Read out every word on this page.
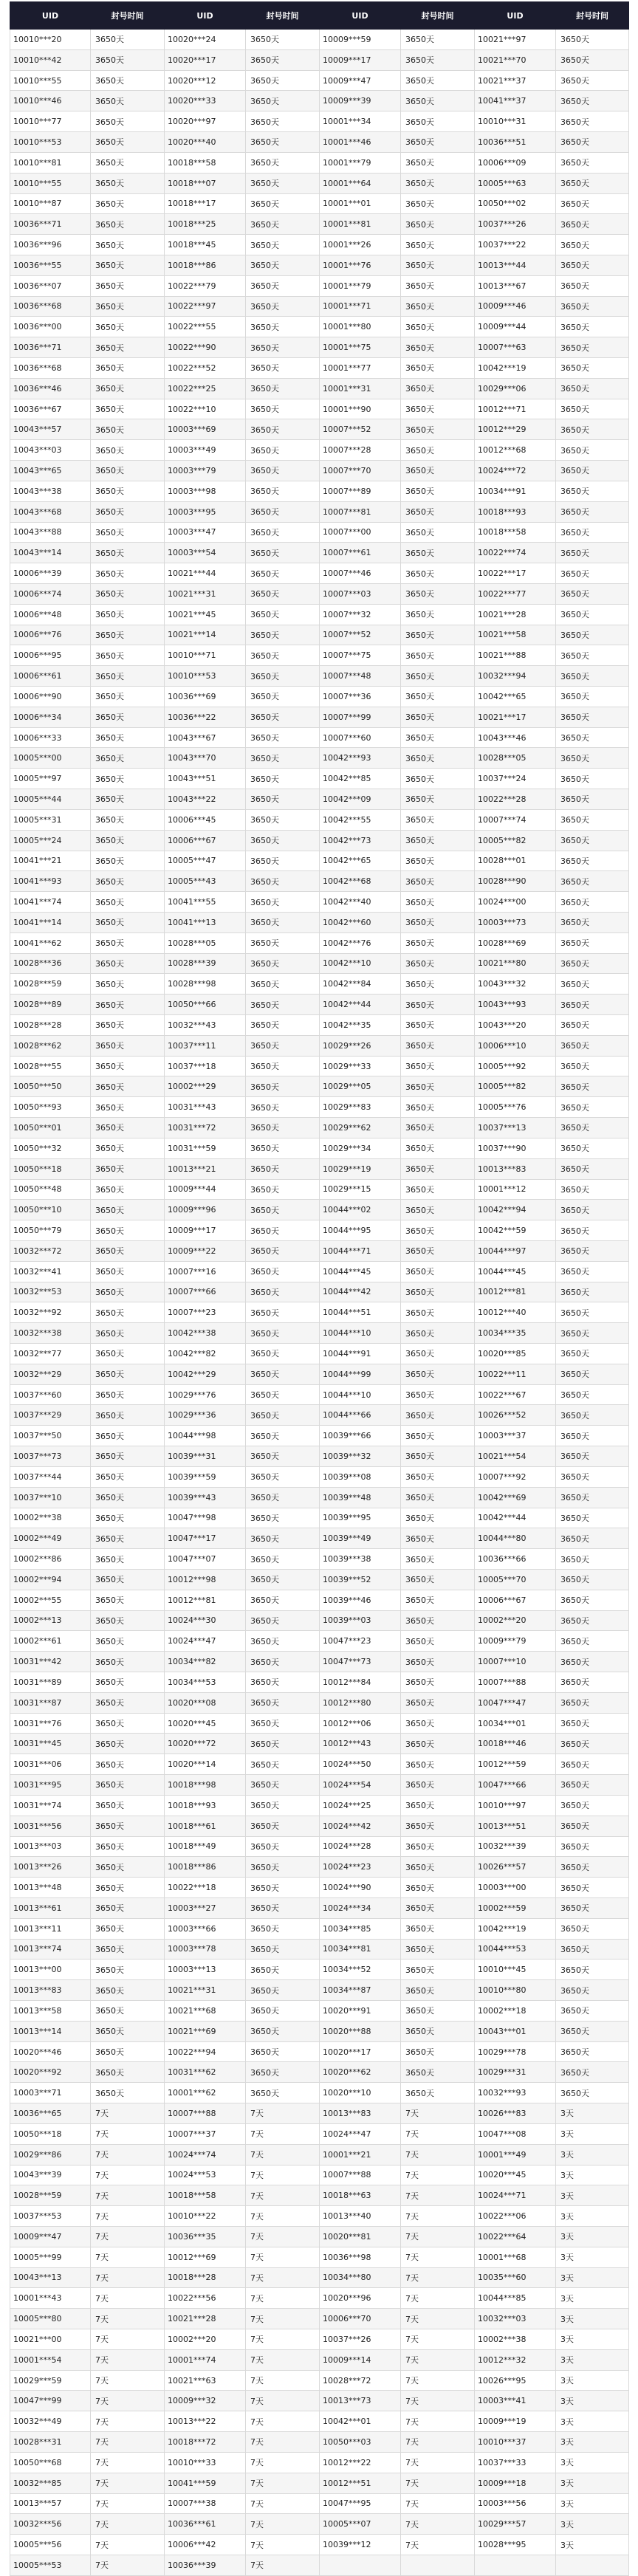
UID	封号时间	UID	封号时间	UID	封号时间	UID	封号时间
10010***20	3650天	10020***24	3650天	10009***59	3650天	10021***97	3650天
10010***42	3650天	10020***17	3650天	10009***17	3650天	10021***70	3650天
10010***55	3650天	10020***12	3650天	10009***47	3650天	10021***37	3650天
10010***46	3650天	10020***33	3650天	10009***39	3650天	10041***37	3650天
10010***77	3650天	10020***97	3650天	10001***34	3650天	10010***31	3650天
10010***53	3650天	10020***40	3650天	10001***46	3650天	10036***51	3650天
10010***81	3650天	10018***58	3650天	10001***79	3650天	10006***09	3650天
10010***55	3650天	10018***07	3650天	10001***64	3650天	10005***63	3650天
10010***87	3650天	10018***17	3650天	10001***01	3650天	10050***02	3650天
10036***71	3650天	10018***25	3650天	10001***81	3650天	10037***26	3650天
10036***96	3650天	10018***45	3650天	10001***26	3650天	10037***22	3650天
10036***55	3650天	10018***86	3650天	10001***76	3650天	10013***44	3650天
10036***07	3650天	10022***79	3650天	10001***79	3650天	10013***67	3650天
10036***68	3650天	10022***97	3650天	10001***71	3650天	10009***46	3650天
10036***00	3650天	10022***55	3650天	10001***80	3650天	10009***44	3650天
10036***71	3650天	10022***90	3650天	10001***75	3650天	10007***63	3650天
10036***68	3650天	10022***52	3650天	10001***77	3650天	10042***19	3650天
10036***46	3650天	10022***25	3650天	10001***31	3650天	10029***06	3650天
10036***67	3650天	10022***10	3650天	10001***90	3650天	10012***71	3650天
10043***57	3650天	10003***69	3650天	10007***52	3650天	10012***29	3650天
10043***03	3650天	10003***49	3650天	10007***28	3650天	10012***68	3650天
10043***65	3650天	10003***79	3650天	10007***70	3650天	10024***72	3650天
10043***38	3650天	10003***98	3650天	10007***89	3650天	10034***91	3650天
10043***68	3650天	10003***95	3650天	10007***81	3650天	10018***93	3650天
10043***88	3650天	10003***47	3650天	10007***00	3650天	10018***58	3650天
10043***14	3650天	10003***54	3650天	10007***61	3650天	10022***74	3650天
10006***39	3650天	10021***44	3650天	10007***46	3650天	10022***17	3650天
10006***74	3650天	10021***31	3650天	10007***03	3650天	10022***77	3650天
10006***48	3650天	10021***45	3650天	10007***32	3650天	10021***28	3650天
10006***76	3650天	10021***14	3650天	10007***52	3650天	10021***58	3650天
10006***95	3650天	10010***71	3650天	10007***75	3650天	10021***88	3650天
10006***61	3650天	10010***53	3650天	10007***48	3650天	10032***94	3650天
10006***90	3650天	10036***69	3650天	10007***36	3650天	10042***65	3650天
10006***34	3650天	10036***22	3650天	10007***99	3650天	10021***17	3650天
10006***33	3650天	10043***67	3650天	10007***60	3650天	10043***46	3650天
10005***00	3650天	10043***70	3650天	10042***93	3650天	10028***05	3650天
10005***97	3650天	10043***51	3650天	10042***85	3650天	10037***24	3650天
10005***44	3650天	10043***22	3650天	10042***09	3650天	10022***28	3650天
10005***31	3650天	10006***45	3650天	10042***55	3650天	10007***74	3650天
10005***24	3650天	10006***67	3650天	10042***73	3650天	10005***82	3650天
10041***21	3650天	10005***47	3650天	10042***65	3650天	10028***01	3650天
10041***93	3650天	10005***43	3650天	10042***68	3650天	10028***90	3650天
10041***74	3650天	10041***55	3650天	10042***40	3650天	10024***00	3650天
10041***14	3650天	10041***13	3650天	10042***60	3650天	10003***73	3650天
10041***62	3650天	10028***05	3650天	10042***76	3650天	10028***69	3650天
10028***36	3650天	10028***39	3650天	10042***10	3650天	10021***80	3650天
10028***59	3650天	10028***98	3650天	10042***84	3650天	10043***32	3650天
10028***89	3650天	10050***66	3650天	10042***44	3650天	10043***93	3650天
10028***28	3650天	10032***43	3650天	10042***35	3650天	10043***20	3650天
10028***62	3650天	10037***11	3650天	10029***26	3650天	10006***10	3650天
10028***55	3650天	10037***18	3650天	10029***33	3650天	10005***92	3650天
10050***50	3650天	10002***29	3650天	10029***05	3650天	10005***82	3650天
10050***93	3650天	10031***43	3650天	10029***83	3650天	10005***76	3650天
10050***01	3650天	10031***72	3650天	10029***62	3650天	10037***13	3650天
10050***32	3650天	10031***59	3650天	10029***34	3650天	10037***90	3650天
10050***18	3650天	10013***21	3650天	10029***19	3650天	10013***83	3650天
10050***48	3650天	10009***44	3650天	10029***15	3650天	10001***12	3650天
10050***10	3650天	10009***96	3650天	10044***02	3650天	10042***94	3650天
10050***79	3650天	10009***17	3650天	10044***95	3650天	10042***59	3650天
10032***72	3650天	10009***22	3650天	10044***71	3650天	10044***97	3650天
10032***41	3650天	10007***16	3650天	10044***45	3650天	10044***45	3650天
10032***53	3650天	10007***66	3650天	10044***42	3650天	10012***81	3650天
10032***92	3650天	10007***23	3650天	10044***51	3650天	10012***40	3650天
10032***38	3650天	10042***38	3650天	10044***10	3650天	10034***35	3650天
10032***77	3650天	10042***82	3650天	10044***91	3650天	10020***85	3650天
10032***29	3650天	10042***29	3650天	10044***99	3650天	10022***11	3650天
10037***60	3650天	10029***76	3650天	10044***10	3650天	10022***67	3650天
10037***29	3650天	10029***36	3650天	10044***66	3650天	10026***52	3650天
10037***50	3650天	10044***98	3650天	10039***66	3650天	10003***37	3650天
10037***73	3650天	10039***31	3650天	10039***32	3650天	10021***54	3650天
10037***44	3650天	10039***59	3650天	10039***08	3650天	10007***92	3650天
10037***10	3650天	10039***43	3650天	10039***48	3650天	10042***69	3650天
10002***38	3650天	10047***98	3650天	10039***95	3650天	10042***44	3650天
10002***49	3650天	10047***17	3650天	10039***49	3650天	10044***80	3650天
10002***86	3650天	10047***07	3650天	10039***38	3650天	10036***66	3650天
10002***94	3650天	10012***98	3650天	10039***52	3650天	10005***70	3650天
10002***55	3650天	10012***81	3650天	10039***46	3650天	10006***67	3650天
10002***13	3650天	10024***30	3650天	10039***03	3650天	10002***20	3650天
10002***61	3650天	10024***47	3650天	10047***23	3650天	10009***79	3650天
10031***42	3650天	10034***82	3650天	10047***73	3650天	10007***10	3650天
10031***89	3650天	10034***53	3650天	10012***84	3650天	10007***88	3650天
10031***87	3650天	10020***08	3650天	10012***80	3650天	10047***47	3650天
10031***76	3650天	10020***45	3650天	10012***06	3650天	10034***01	3650天
10031***45	3650天	10020***72	3650天	10012***43	3650天	10018***46	3650天
10031***06	3650天	10020***14	3650天	10024***50	3650天	10012***59	3650天
10031***95	3650天	10018***98	3650天	10024***54	3650天	10047***66	3650天
10031***74	3650天	10018***93	3650天	10024***25	3650天	10010***97	3650天
10031***56	3650天	10018***61	3650天	10024***42	3650天	10013***51	3650天
10013***03	3650天	10018***49	3650天	10024***28	3650天	10032***39	3650天
10013***26	3650天	10018***86	3650天	10024***23	3650天	10026***57	3650天
10013***48	3650天	10022***18	3650天	10024***90	3650天	10003***00	3650天
10013***61	3650天	10003***27	3650天	10024***34	3650天	10002***59	3650天
10013***11	3650天	10003***66	3650天	10034***85	3650天	10042***19	3650天
10013***74	3650天	10003***78	3650天	10034***81	3650天	10044***53	3650天
10013***00	3650天	10003***13	3650天	10034***52	3650天	10010***45	3650天
10013***83	3650天	10021***31	3650天	10034***87	3650天	10010***80	3650天
10013***58	3650天	10021***68	3650天	10020***91	3650天	10002***18	3650天
10013***14	3650天	10021***69	3650天	10020***88	3650天	10043***01	3650天
10020***46	3650天	10022***94	3650天	10020***17	3650天	10029***78	3650天
10020***92	3650天	10031***62	3650天	10020***62	3650天	10029***31	3650天
10003***71	3650天	10001***62	3650天	10020***10	3650天	10032***93	3650天
10036***65	7天	10007***88	7天	10013***83	7天	10026***83	3天
10050***18	7天	10007***37	7天	10024***47	7天	10047***08	3天
10029***86	7天	10024***74	7天	10001***21	7天	10001***49	3天
10043***39	7天	10024***53	7天	10007***88	7天	10020***45	3天
10028***59	7天	10018***58	7天	10018***63	7天	10024***71	3天
10037***53	7天	10010***22	7天	10013***40	7天	10022***06	3天
10009***47	7天	10036***35	7天	10020***81	7天	10022***64	3天
10005***99	7天	10012***69	7天	10036***98	7天	10001***68	3天
10043***13	7天	10018***28	7天	10034***80	7天	10035***60	3天
10001***43	7天	10022***56	7天	10020***96	7天	10044***85	3天
10005***80	7天	10021***28	7天	10006***70	7天	10032***03	3天
10021***00	7天	10002***20	7天	10037***26	7天	10002***38	3天
10001***54	7天	10001***74	7天	10009***14	7天	10012***32	3天
10029***59	7天	10021***63	7天	10028***72	7天	10026***95	3天
10047***99	7天	10009***32	7天	10013***73	7天	10003***41	3天
10032***49	7天	10013***22	7天	10042***01	7天	10009***19	3天
10028***31	7天	10018***72	7天	10050***03	7天	10010***37	3天
10050***68	7天	10010***33	7天	10012***22	7天	10037***33	3天
10032***85	7天	10041***59	7天	10012***51	7天	10009***18	3天
10013***57	7天	10007***38	7天	10047***95	7天	10003***56	3天
10032***56	7天	10036***61	7天	10005***07	7天	10029***57	3天
10005***56	7天	10006***42	7天	10039***12	7天	10028***95	3天
10005***53	7天	10036***39	7天				
